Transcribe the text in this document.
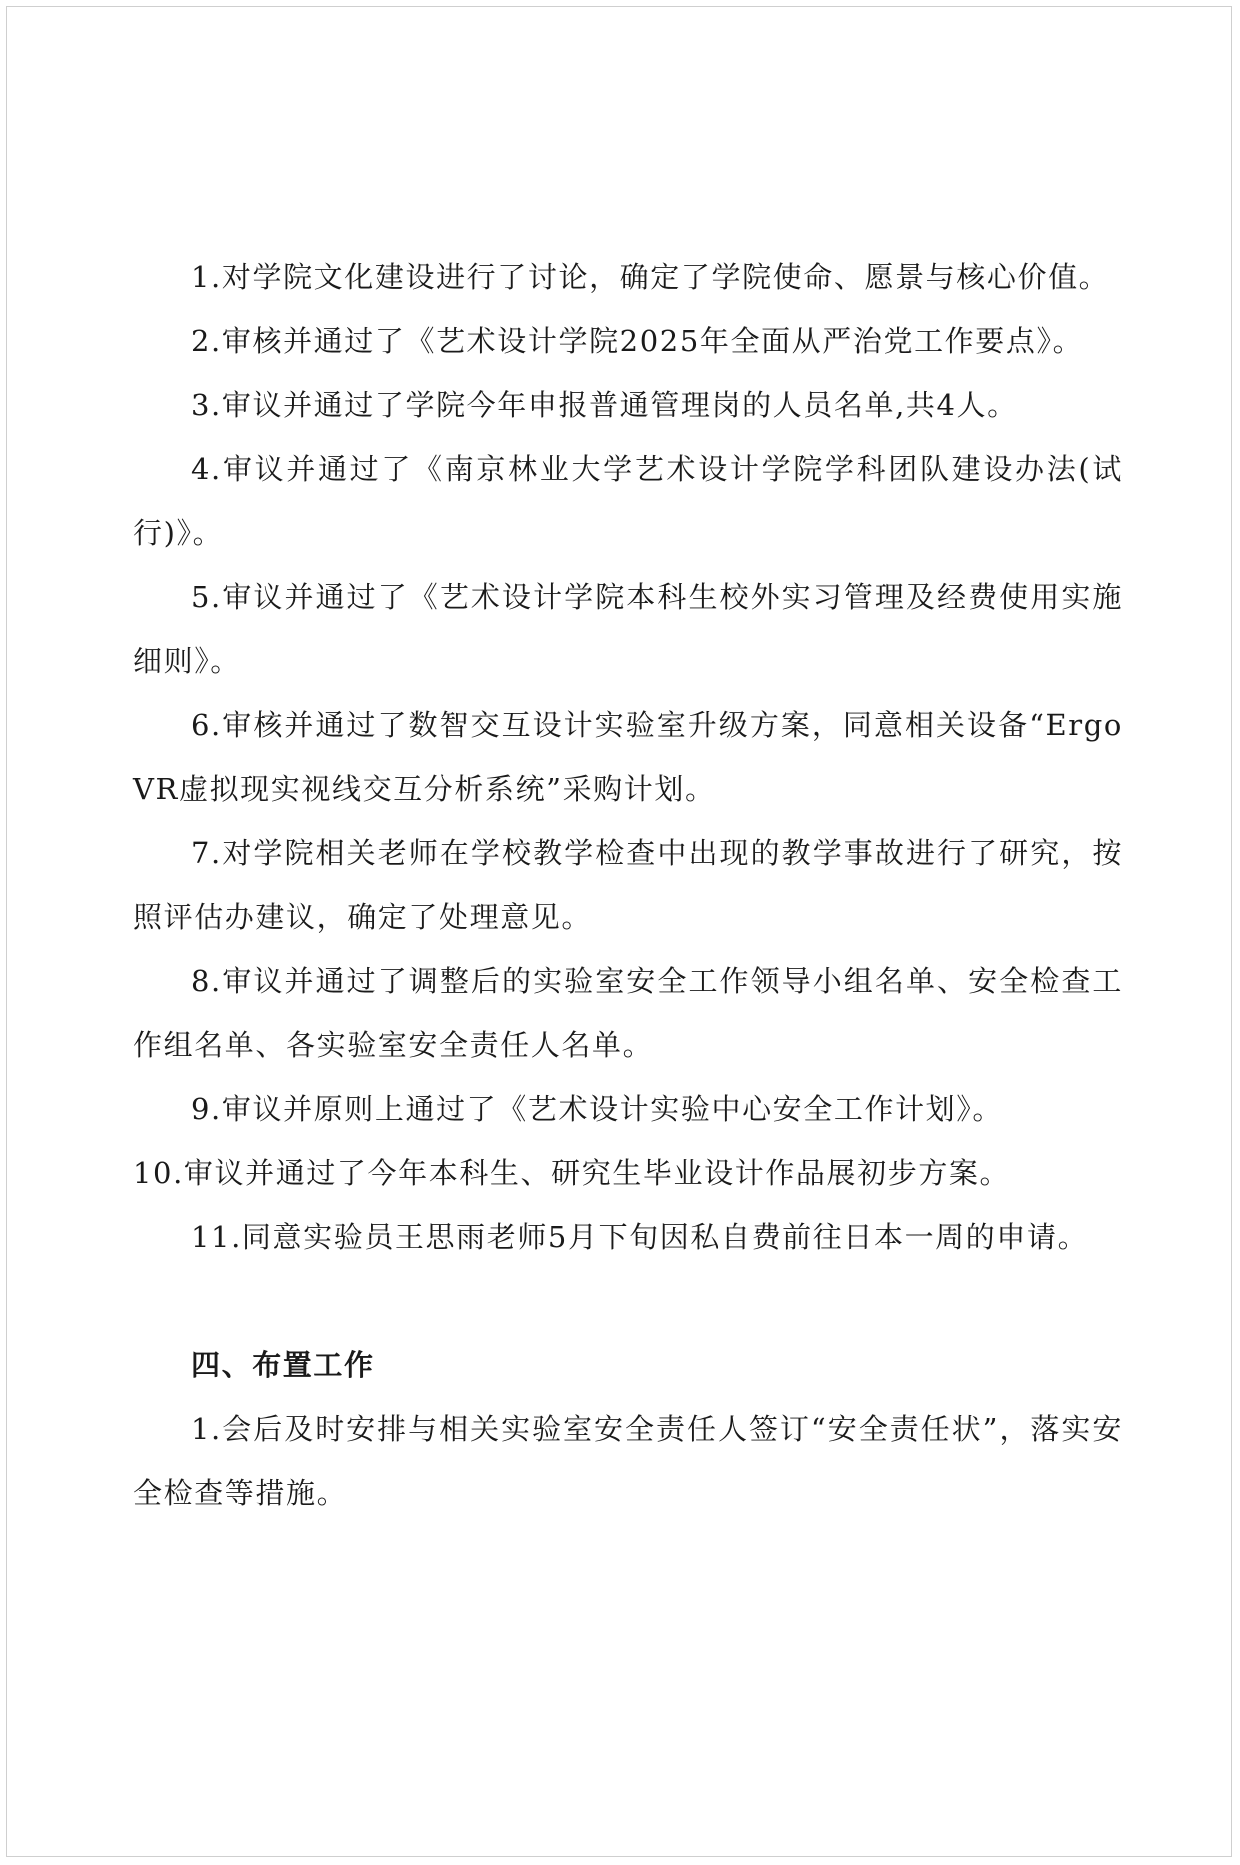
1.对学院文化建设进行了讨论，确定了学院使命、愿景与核心价值。

2.审核并通过了《艺术设计学院2025年全面从严治党工作要点》。

3.审议并通过了学院今年申报普通管理岗的人员名单,共4人。

4.审议并通过了《南京林业大学艺术设计学院学科团队建设办法(试行)》。

5.审议并通过了《艺术设计学院本科生校外实习管理及经费使用实施细则》。

6.审核并通过了数智交互设计实验室升级方案，同意相关设备“ErgoVR虚拟现实视线交互分析系统”采购计划。

7.对学院相关老师在学校教学检查中出现的教学事故进行了研究，按照评估办建议，确定了处理意见。

8.审议并通过了调整后的实验室安全工作领导小组名单、安全检查工作组名单、各实验室安全责任人名单。

9.审议并原则上通过了《艺术设计实验中心安全工作计划》。

10.审议并通过了今年本科生、研究生毕业设计作品展初步方案。

11.同意实验员王思雨老师5月下旬因私自费前往日本一周的申请。

四、布置工作

1.会后及时安排与相关实验室安全责任人签订“安全责任状”，落实安全检查等措施。
